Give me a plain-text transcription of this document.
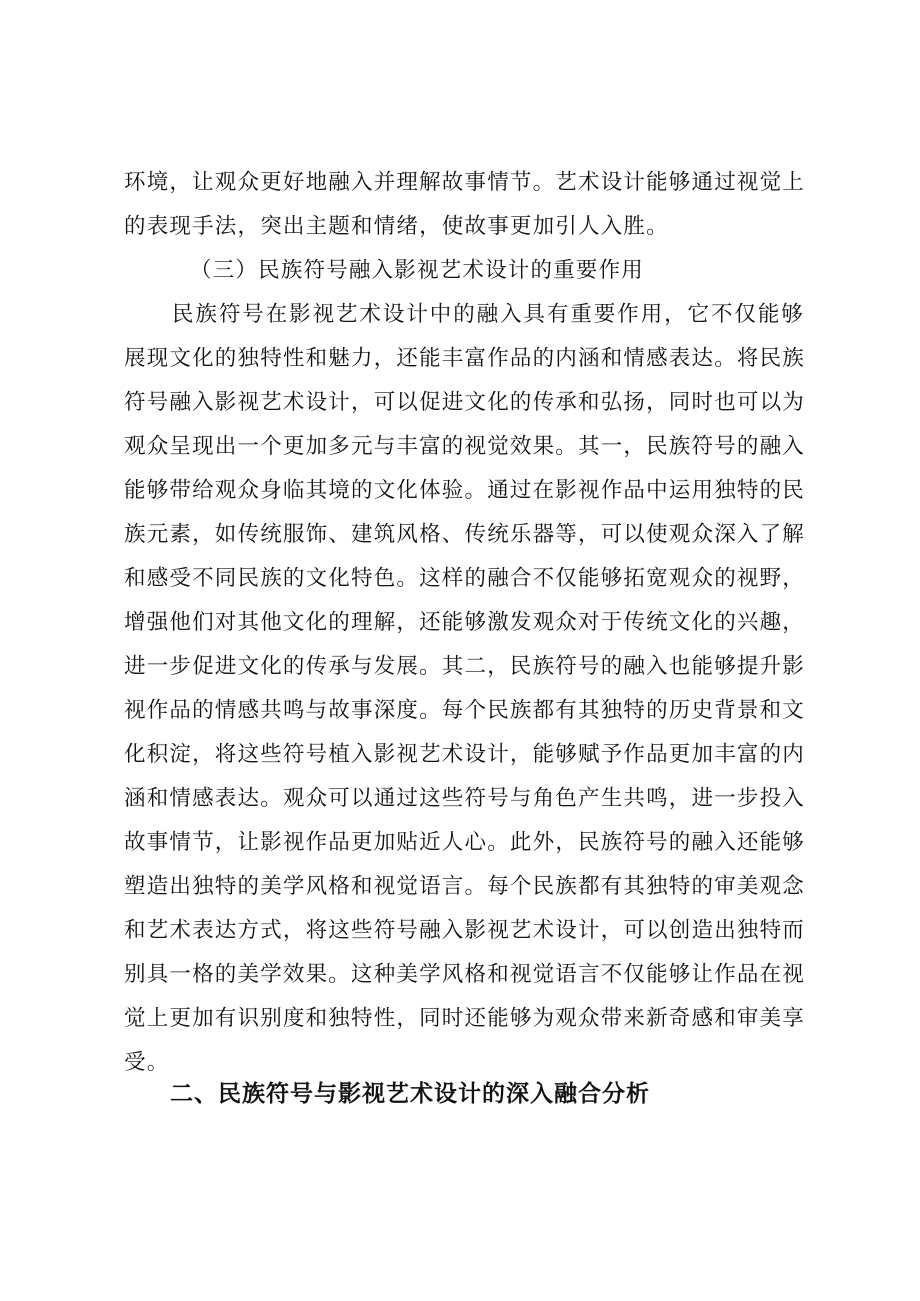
环境，让观众更好地融入并理解故事情节。艺术设计能够通过视觉上
的表现手法，突出主题和情绪，使故事更加引人入胜。
（三）民族符号融入影视艺术设计的重要作用
民族符号在影视艺术设计中的融入具有重要作用，它不仅能够
展现文化的独特性和魅力，还能丰富作品的内涵和情感表达。将民族
符号融入影视艺术设计，可以促进文化的传承和弘扬，同时也可以为
观众呈现出一个更加多元与丰富的视觉效果。其一，民族符号的融入
能够带给观众身临其境的文化体验。通过在影视作品中运用独特的民
族元素，如传统服饰、建筑风格、传统乐器等，可以使观众深入了解
和感受不同民族的文化特色。这样的融合不仅能够拓宽观众的视野，
增强他们对其他文化的理解，还能够激发观众对于传统文化的兴趣，
进一步促进文化的传承与发展。其二，民族符号的融入也能够提升影
视作品的情感共鸣与故事深度。每个民族都有其独特的历史背景和文
化积淀，将这些符号植入影视艺术设计，能够赋予作品更加丰富的内
涵和情感表达。观众可以通过这些符号与角色产生共鸣，进一步投入
故事情节，让影视作品更加贴近人心。此外，民族符号的融入还能够
塑造出独特的美学风格和视觉语言。每个民族都有其独特的审美观念
和艺术表达方式，将这些符号融入影视艺术设计，可以创造出独特而
别具一格的美学效果。这种美学风格和视觉语言不仅能够让作品在视
觉上更加有识别度和独特性，同时还能够为观众带来新奇感和审美享
受。
二、民族符号与影视艺术设计的深入融合分析
